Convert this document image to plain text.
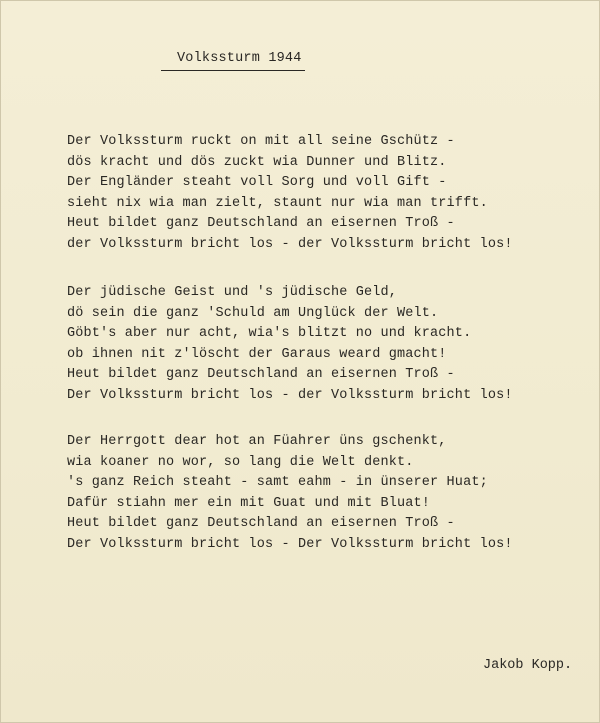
Volkssturm 1944
Der Volkssturm ruckt on mit all seine Gschütz -
dös kracht und dös zuckt wia Dunner und Blitz.
Der Engländer steaht voll Sorg und voll Gift -
sieht nix wia man zielt, staunt nur wia man trifft.
Heut bildet ganz Deutschland an eisernen Troß -
der Volkssturm bricht los - der Volkssturm bricht los!
Der jüdische Geist und 's jüdische Geld,
dö sein die ganz 'Schuld am Unglück der Welt.
Göbt's aber nur acht, wia's blitzt no und kracht.
ob ihnen nit z'löscht der Garaus weard gmacht!
Heut bildet ganz Deutschland an eisernen Troß -
Der Volkssturm bricht los - der Volkssturm bricht los!
Der Herrgott dear hot an Füahrer üns gschenkt,
wia koaner no wor, so lang die Welt denkt.
's ganz Reich steaht - samt eahm - in ünserer Huat;
Dafür stiahn mer ein mit Guat und mit Bluat!
Heut bildet ganz Deutschland an eisernen Troß -
Der Volkssturm bricht los - Der Volkssturm bricht los!
Jakob Kopp.
